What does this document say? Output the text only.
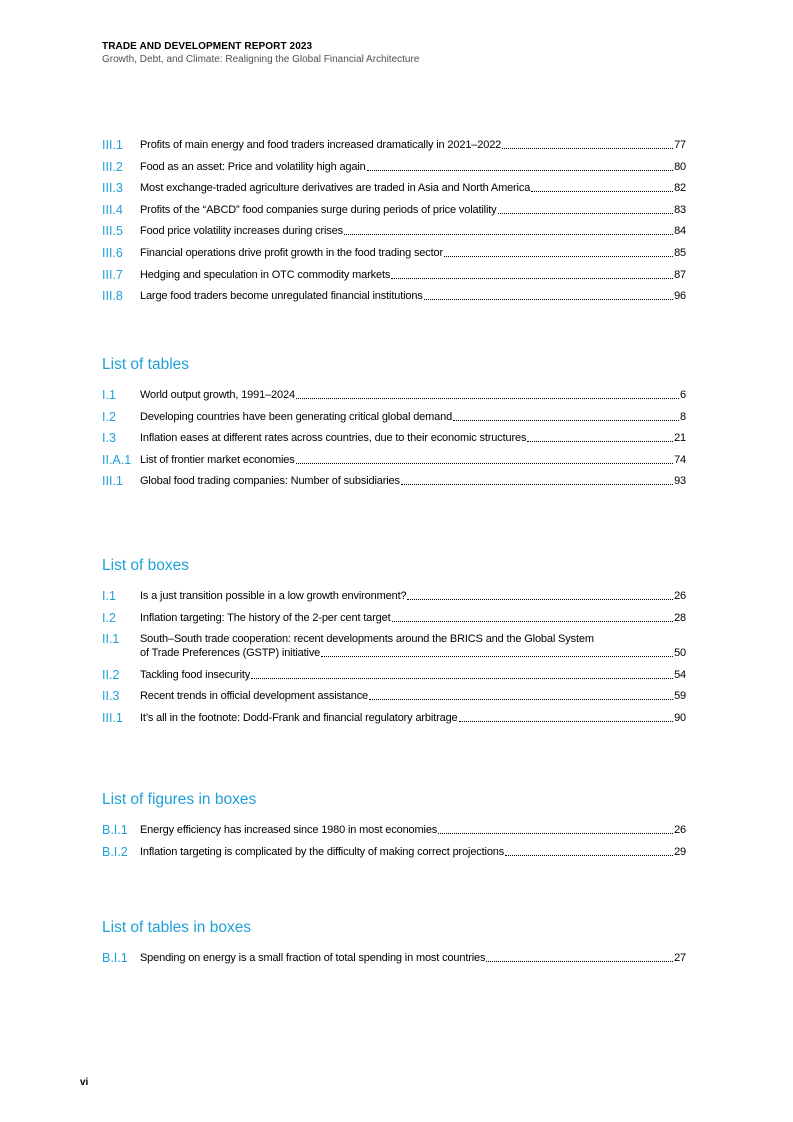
TRADE AND DEVELOPMENT REPORT 2023
Growth, Debt, and Climate: Realigning the Global Financial Architecture
III.1	Profits of main energy and food traders increased dramatically in 2021–2022	77
III.2	Food as an asset: Price and volatility high again	80
III.3	Most exchange-traded agriculture derivatives are traded in Asia and North America	82
III.4	Profits of the “ABCD” food companies surge during periods of price volatility	83
III.5	Food price volatility increases during crises	84
III.6	Financial operations drive profit growth in the food trading sector	85
III.7	Hedging and speculation in OTC commodity markets	87
III.8	Large food traders become unregulated financial institutions	96
List of tables
I.1	World output growth, 1991–2024	6
I.2	Developing countries have been generating critical global demand	8
I.3	Inflation eases at different rates across countries, due to their economic structures	21
II.A.1 List of frontier market economies	74
III.1	Global food trading companies: Number of subsidiaries	93
List of boxes
I.1	Is a just transition possible in a low growth environment?	26
I.2	Inflation targeting: The history of the 2-per cent target	28
II.1	South–South trade cooperation: recent developments around the BRICS and the Global System
of Trade Preferences (GSTP) initiative	50
II.2	Tackling food insecurity	54
II.3	Recent trends in official development assistance	59
III.1	It’s all in the footnote: Dodd-Frank and financial regulatory arbitrage	90
List of figures in boxes
B.I.1	Energy efficiency has increased since 1980 in most economies	26
B.I.2	Inflation targeting is complicated by the difficulty of making correct projections	29
List of tables in boxes
B.I.1	Spending on energy is a small fraction of total spending in most countries	27
vi
